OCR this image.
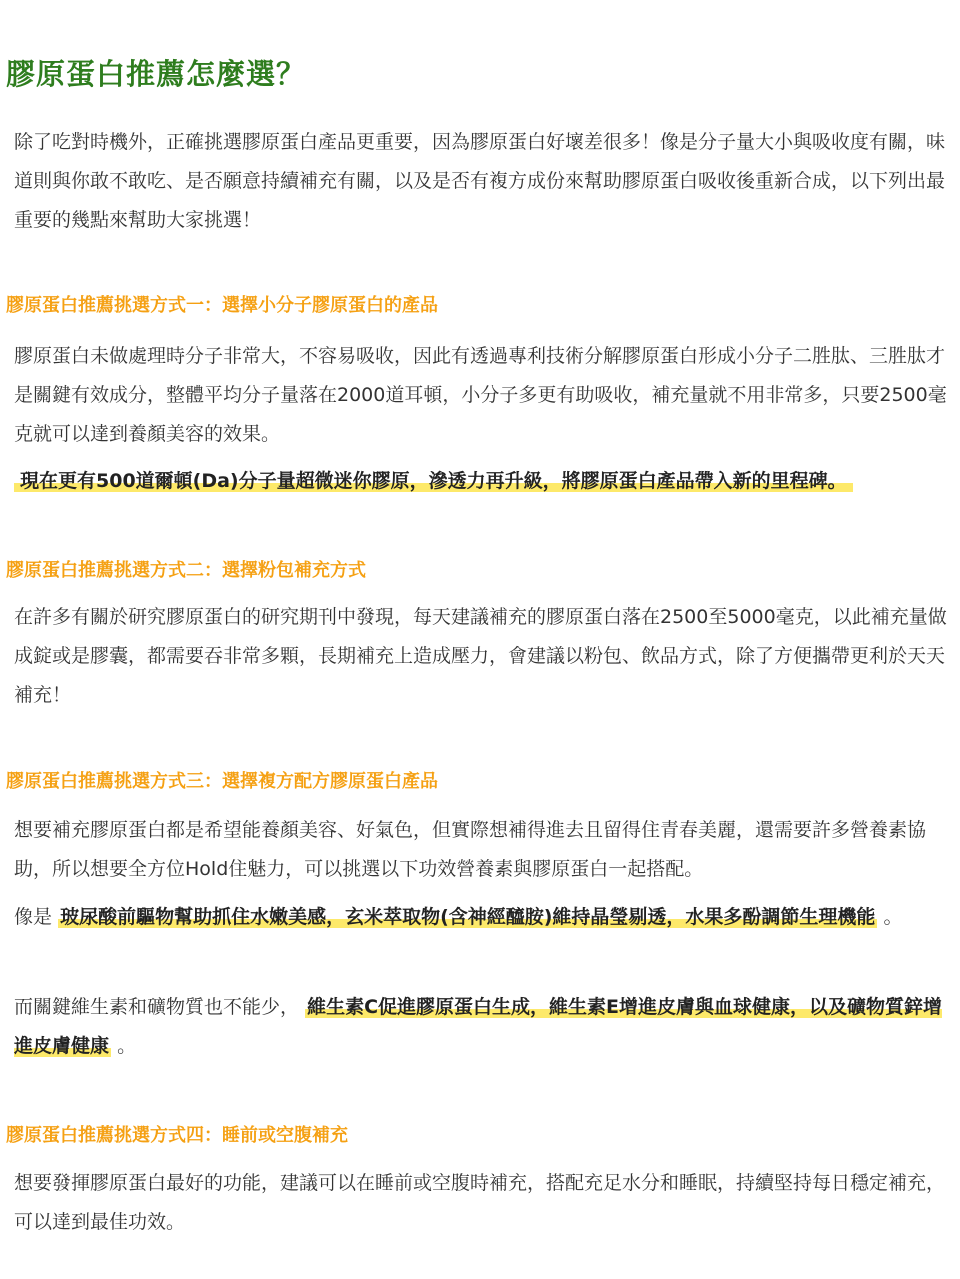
膠原蛋白推薦怎麼選？

除了吃對時機外，正確挑選膠原蛋白產品更重要，因為膠原蛋白好壞差很多！像是分子量大小與吸收度有關，味道則與你敢不敢吃、是否願意持續補充有關，以及是否有複方成份來幫助膠原蛋白吸收後重新合成，以下列出最重要的幾點來幫助大家挑選！

膠原蛋白推薦挑選方式一：選擇小分子膠原蛋白的產品

膠原蛋白未做處理時分子非常大，不容易吸收，因此有透過專利技術分解膠原蛋白形成小分子二胜肽、三胜肽才是關鍵有效成分，整體平均分子量落在2000道耳頓，小分子多更有助吸收，補充量就不用非常多，只要2500毫克就可以達到養顏美容的效果。

現在更有500道爾頓(Da)分子量超微迷你膠原，滲透力再升級，將膠原蛋白產品帶入新的里程碑。

膠原蛋白推薦挑選方式二：選擇粉包補充方式

在許多有關於研究膠原蛋白的研究期刊中發現，每天建議補充的膠原蛋白落在2500至5000毫克，以此補充量做成錠或是膠囊，都需要吞非常多顆，長期補充上造成壓力，會建議以粉包、飲品方式，除了方便攜帶更利於天天補充！

膠原蛋白推薦挑選方式三：選擇複方配方膠原蛋白產品

想要補充膠原蛋白都是希望能養顏美容、好氣色，但實際想補得進去且留得住青春美麗，還需要許多營養素協助，所以想要全方位Hold住魅力，可以挑選以下功效營養素與膠原蛋白一起搭配。

像是 玻尿酸前驅物幫助抓住水嫩美感，玄米萃取物(含神經醯胺)維持晶瑩剔透，水果多酚調節生理機能 。

而關鍵維生素和礦物質也不能少， 維生素C促進膠原蛋白生成，維生素E增進皮膚與血球健康，以及礦物質鋅增進皮膚健康 。

膠原蛋白推薦挑選方式四：睡前或空腹補充

想要發揮膠原蛋白最好的功能，建議可以在睡前或空腹時補充，搭配充足水分和睡眠，持續堅持每日穩定補充，可以達到最佳功效。
